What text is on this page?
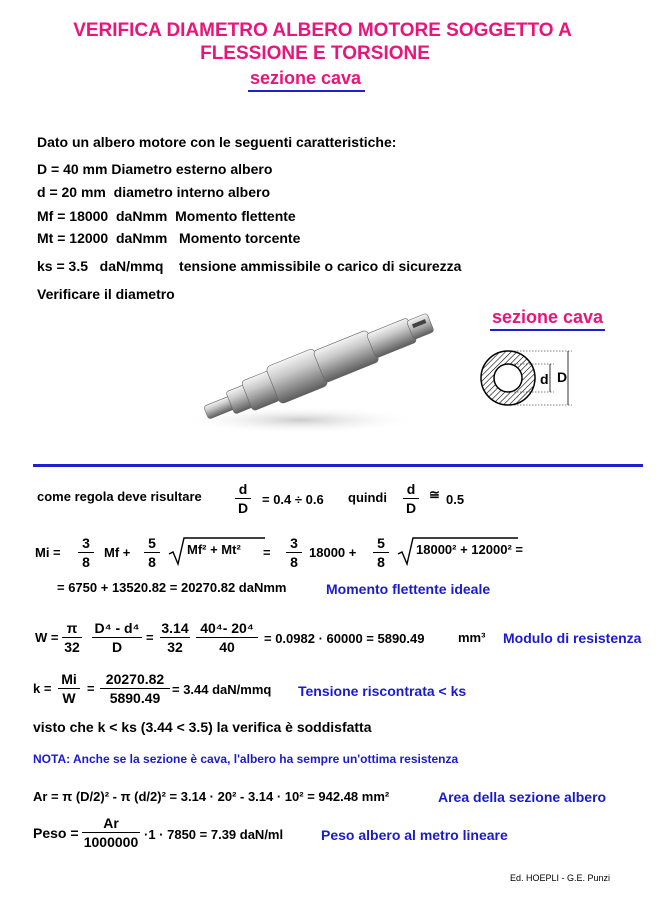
VERIFICA DIAMETRO ALBERO MOTORE SOGGETTO A
FLESSIONE E TORSIONE
sezione cava
Dato un albero motore con le seguenti caratteristiche:
D = 40 mm Diametro esterno albero
d = 20 mm diametro interno albero
Mf = 18000 daNmm Momento flettente
Mt = 12000 daNmm Momento torcente
ks = 3.5 daN/mmq tensione ammissibile o carico di sicurezza
Verificare il diametro
sezione cava
d D
come regola deve risultare	d
D
= 0.4 ÷ 0.6 quindi
d
D
≅ 0.5
Mi =
3
8
Mf +
5
8
Mf² + Mt² =
3
8
18000 +
5
8
18000² + 12000² =
= 6750 + 13520.82 = 20270.82 daNmm	Momento flettente ideale
W =
π
32
D⁴ - d⁴
D
=
3.14
32
40⁴- 20⁴
40
= 0.0982 · 60000 = 5890.49	mm³ Modulo di resistenza
k =
Mi
W
=
20270.82
5890.49
= 3.44 daN/mmq Tensione riscontrata < ks
visto che k < ks (3.44 < 3.5) la verifica è soddisfatta
NOTA: Anche se la sezione è cava, l'albero ha sempre un'ottima resistenza
Ar = π (D/2)² - π (d/2)² = 3.14 · 20² - 3.14 · 10² = 942.48 mm²	Area della sezione albero
Peso =
Ar
1000000 ·1 · 7850 = 7.39 daN/ml	Peso albero al metro lineare
Ed. HOEPLI - G.E. Punzi
